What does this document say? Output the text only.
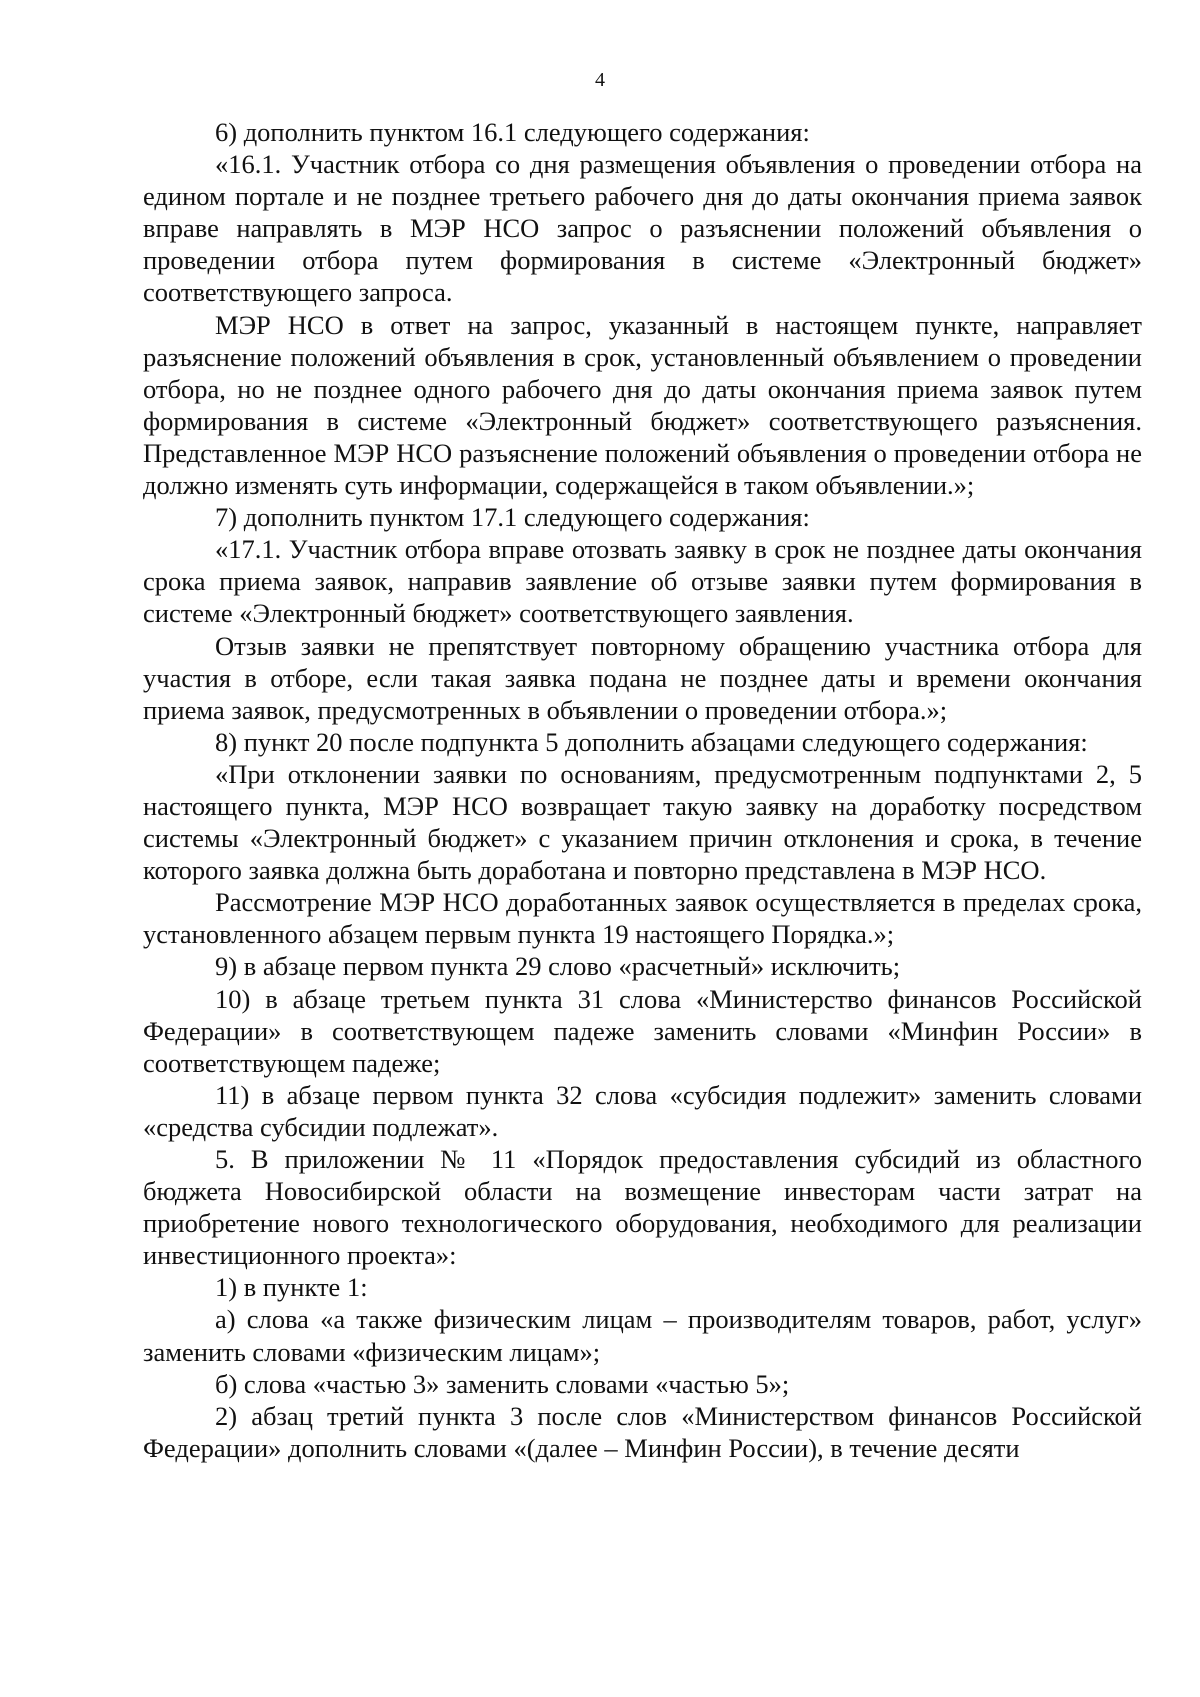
4

6) дополнить пунктом 16.1 следующего содержания:

«16.1. Участник отбора со дня размещения объявления о проведении отбора на едином портале и не позднее третьего рабочего дня до даты окончания приема заявок вправе направлять в МЭР НСО запрос о разъяснении положений объявления о проведении отбора путем формирования в системе «Электронный бюджет» соответствующего запроса.

МЭР НСО в ответ на запрос, указанный в настоящем пункте, направляет разъяснение положений объявления в срок, установленный объявлением о проведении отбора, но не позднее одного рабочего дня до даты окончания приема заявок путем формирования в системе «Электронный бюджет» соответствующего разъяснения. Представленное МЭР НСО разъяснение положений объявления о проведении отбора не должно изменять суть информации, содержащейся в таком объявлении.»;

7) дополнить пунктом 17.1 следующего содержания:

«17.1. Участник отбора вправе отозвать заявку в срок не позднее даты окончания срока приема заявок, направив заявление об отзыве заявки путем формирования в системе «Электронный бюджет» соответствующего заявления.

Отзыв заявки не препятствует повторному обращению участника отбора для участия в отборе, если такая заявка подана не позднее даты и времени окончания приема заявок, предусмотренных в объявлении о проведении отбора.»;

8) пункт 20 после подпункта 5 дополнить абзацами следующего содержания:

«При отклонении заявки по основаниям, предусмотренным подпунктами 2, 5 настоящего пункта, МЭР НСО возвращает такую заявку на доработку посредством системы «Электронный бюджет» с указанием причин отклонения и срока, в течение которого заявка должна быть доработана и повторно представлена в МЭР НСО.

Рассмотрение МЭР НСО доработанных заявок осуществляется в пределах срока, установленного абзацем первым пункта 19 настоящего Порядка.»;

9) в абзаце первом пункта 29 слово «расчетный» исключить;

10) в абзаце третьем пункта 31 слова «Министерство финансов Российской Федерации» в соответствующем падеже заменить словами «Минфин России» в соответствующем падеже;

11) в абзаце первом пункта 32 слова «субсидия подлежит» заменить словами «средства субсидии подлежат».

5. В приложении № 11 «Порядок предоставления субсидий из областного бюджета Новосибирской области на возмещение инвесторам части затрат на приобретение нового технологического оборудования, необходимого для реализации инвестиционного проекта»:

1) в пункте 1:

а) слова «а также физическим лицам – производителям товаров, работ, услуг» заменить словами «физическим лицам»;

б) слова «частью 3» заменить словами «частью 5»;

2) абзац третий пункта 3 после слов «Министерством финансов Российской Федерации» дополнить словами «(далее – Минфин России), в течение десяти
